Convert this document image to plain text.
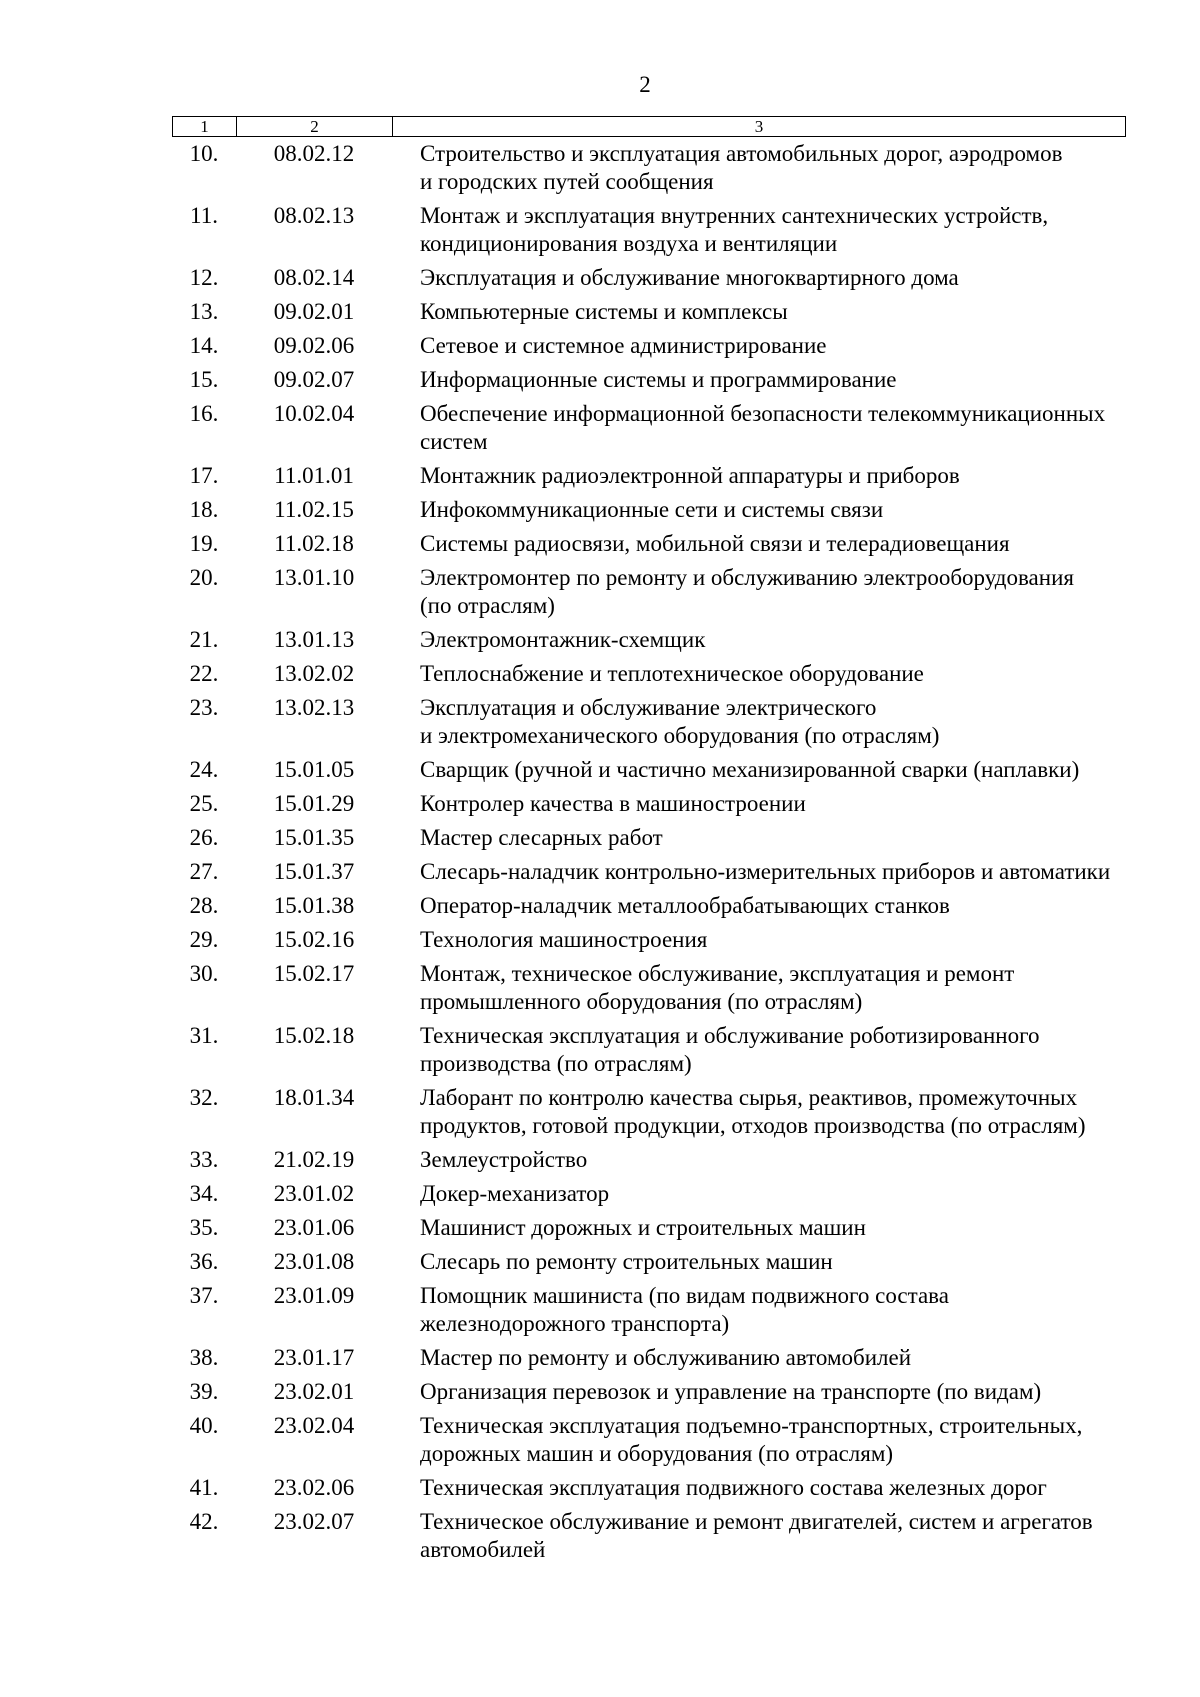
2
1	2	3
10.	08.02.12	Строительство и эксплуатация автомобильных дорог, аэродромов
и городских путей сообщения
11.	08.02.13	Монтаж и эксплуатация внутренних сантехнических устройств,
кондиционирования воздуха и вентиляции
12.	08.02.14	Эксплуатация и обслуживание многоквартирного дома
13.	09.02.01	Компьютерные системы и комплексы
14.	09.02.06	Сетевое и системное администрирование
15.	09.02.07	Информационные системы и программирование
16.	10.02.04	Обеспечение информационной безопасности телекоммуникационных
систем
17.	11.01.01	Монтажник радиоэлектронной аппаратуры и приборов
18.	11.02.15	Инфокоммуникационные сети и системы связи
19.	11.02.18	Системы радиосвязи, мобильной связи и телерадиовещания
20.	13.01.10	Электромонтер по ремонту и обслуживанию электрооборудования
(по отраслям)
21.	13.01.13	Электромонтажник-схемщик
22.	13.02.02	Теплоснабжение и теплотехническое оборудование
23.	13.02.13	Эксплуатация и обслуживание электрического
и электромеханического оборудования (по отраслям)
24.	15.01.05	Сварщик (ручной и частично механизированной сварки (наплавки)
25.	15.01.29	Контролер качества в машиностроении
26.	15.01.35	Мастер слесарных работ
27.	15.01.37	Слесарь-наладчик контрольно-измерительных приборов и автоматики
28.	15.01.38	Оператор-наладчик металлообрабатывающих станков
29.	15.02.16	Технология машиностроения
30.	15.02.17	Монтаж, техническое обслуживание, эксплуатация и ремонт
промышленного оборудования (по отраслям)
31.	15.02.18	Техническая эксплуатация и обслуживание роботизированного
производства (по отраслям)
32.	18.01.34	Лаборант по контролю качества сырья, реактивов, промежуточных
продуктов, готовой продукции, отходов производства (по отраслям)
33.	21.02.19	Землеустройство
34.	23.01.02	Докер-механизатор
35.	23.01.06	Машинист дорожных и строительных машин
36.	23.01.08	Слесарь по ремонту строительных машин
37.	23.01.09	Помощник машиниста (по видам подвижного состава
железнодорожного транспорта)
38.	23.01.17	Мастер по ремонту и обслуживанию автомобилей
39.	23.02.01	Организация перевозок и управление на транспорте (по видам)
40.	23.02.04	Техническая эксплуатация подъемно-транспортных, строительных,
дорожных машин и оборудования (по отраслям)
41.	23.02.06	Техническая эксплуатация подвижного состава железных дорог
42.	23.02.07	Техническое обслуживание и ремонт двигателей, систем и агрегатов
автомобилей
